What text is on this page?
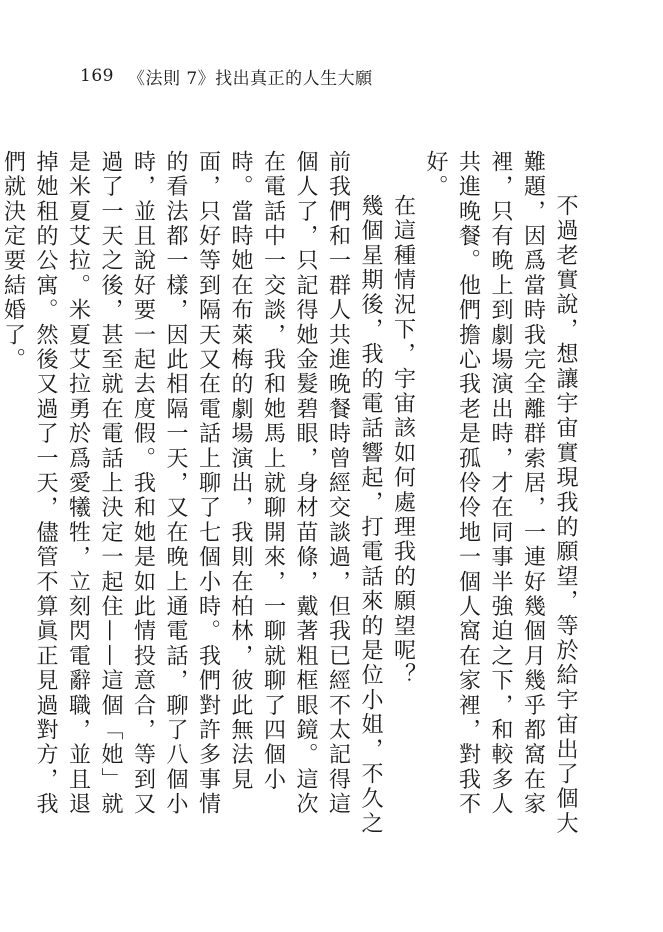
169 《法則 7》找出真正的人生大願

不過老實說，想讓宇宙實現我的願望，等於給宇宙出了個大難題，因爲當時我完全離群索居，一連好幾個月幾乎都窩在家裡，只有晚上到劇場演出時，才在同事半強迫之下，和較多人共進晚餐。他們擔心我老是孤伶伶地一個人窩在家裡，對我不好。

在這種情況下，宇宙該如何處理我的願望呢？

幾個星期後，我的電話響起，打電話來的是位小姐，不久之前我們和一群人共進晚餐時曾經交談過，但我已經不太記得這個人了，只記得她金髮碧眼，身材苗條，戴著粗框眼鏡。這次在電話中一交談，我和她馬上就聊開來，一聊就聊了四個小時。當時她在布萊梅的劇場演出，我則在柏林，彼此無法見面，只好等到隔天又在電話上聊了七個小時。我們對許多事情的看法都一樣，因此相隔一天，又在晚上通電話，聊了八個小時，並且說好要一起去度假。我和她是如此情投意合，等到又過了一天之後，甚至就在電話上決定一起住——這個「她」就是米夏艾拉。米夏艾拉勇於爲愛犧牲，立刻閃電辭職，並且退掉她租的公寓。然後又過了一天，儘管不算眞正見過對方，我們就決定要結婚了。
